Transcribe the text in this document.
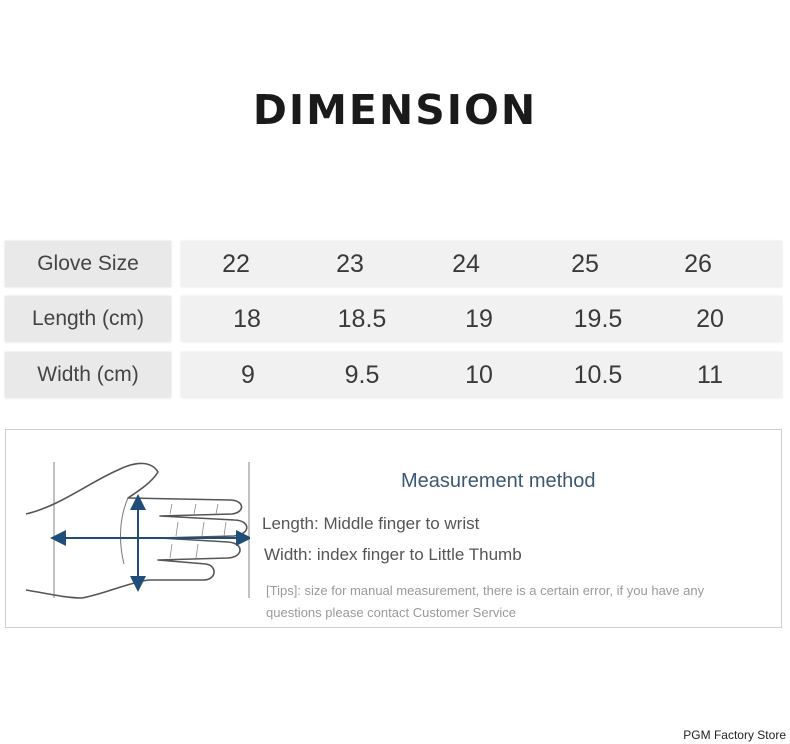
DIMENSION
Glove Size	22	23	24	25	26
Length (cm)	18	18.5	19	19.5	20
Width (cm)	9	9.5	10	10.5	11
Measurement method
Length: Middle finger to wrist
Width: index finger to Little Thumb
[Tips]: size for manual measurement, there is a certain error, if you have any
questions please contact Customer Service
PGM Factory Store
